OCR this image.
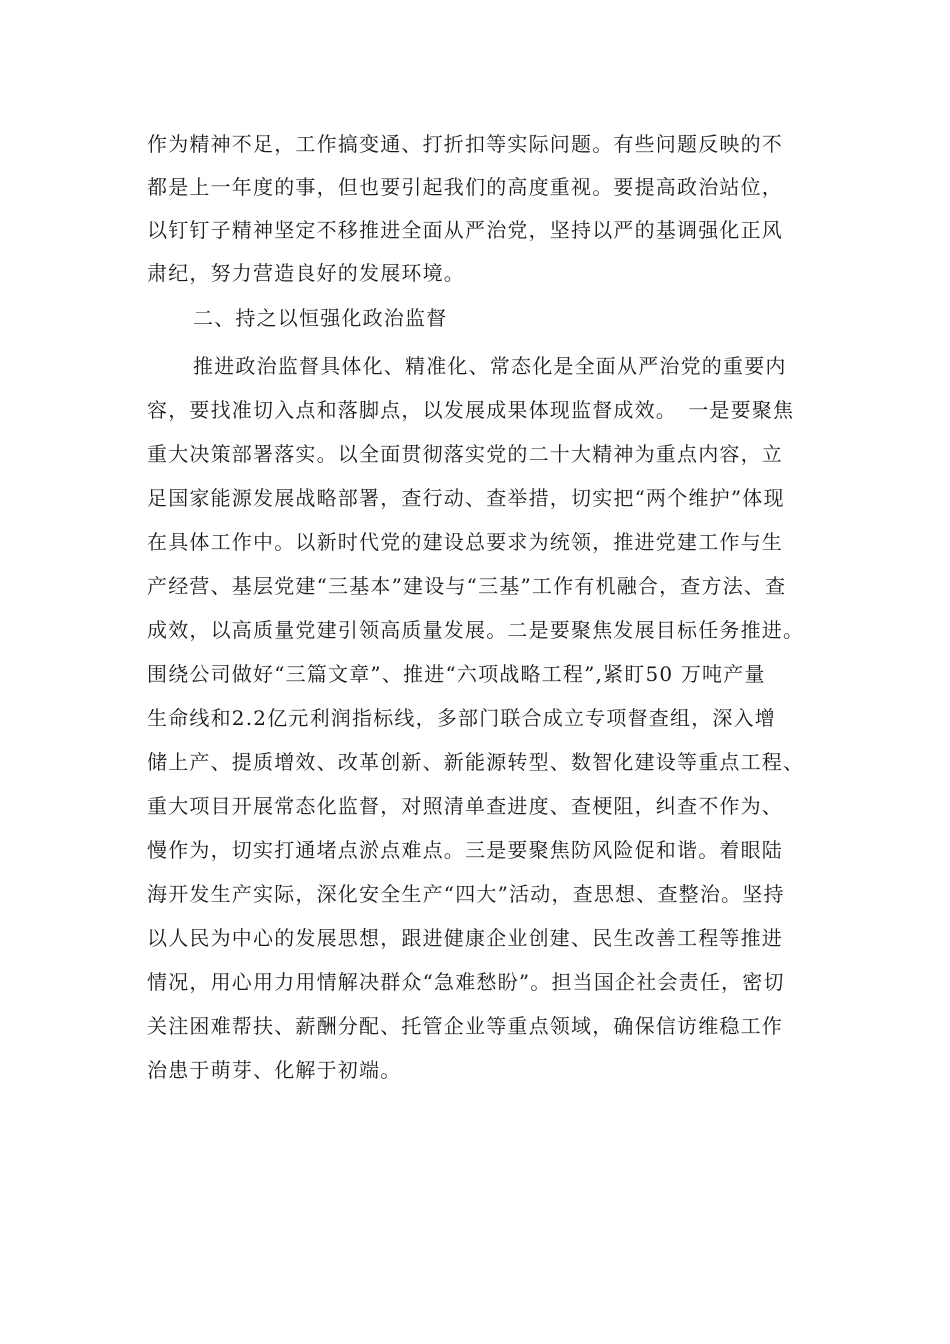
作为精神不足，工作搞变通、打折扣等实际问题。有些问题反映的不
都是上一年度的事，但也要引起我们的高度重视。要提高政治站位，
以钉钉子精神坚定不移推进全面从严治党，坚持以严的基调强化正风
肃纪，努力营造良好的发展环境。
二、持之以恒强化政治监督
推进政治监督具体化、精准化、常态化是全面从严治党的重要内
容，要找准切入点和落脚点，以发展成果体现监督成效。　一是要聚焦
重大决策部署落实。以全面贯彻落实党的二十大精神为重点内容，立
足国家能源发展战略部署，查行动、查举措，切实把“两个维护”体现
在具体工作中。以新时代党的建设总要求为统领，推进党建工作与生
产经营、基层党建“三基本”建设与“三基”工作有机融合，查方法、查
成效，以高质量党建引领高质量发展。二是要聚焦发展目标任务推进。
围绕公司做好“三篇文章”、推进“六项战略工程”,紧盯50 万吨产量
生命线和2.2亿元利润指标线，多部门联合成立专项督查组，深入增
储上产、提质增效、改革创新、新能源转型、数智化建设等重点工程、
重大项目开展常态化监督，对照清单查进度、查梗阻，纠查不作为、
慢作为，切实打通堵点淤点难点。三是要聚焦防风险促和谐。着眼陆
海开发生产实际，深化安全生产“四大”活动，查思想、查整治。坚持
以人民为中心的发展思想，跟进健康企业创建、民生改善工程等推进
情况，用心用力用情解决群众“急难愁盼”。担当国企社会责任，密切
关注困难帮扶、薪酬分配、托管企业等重点领域，确保信访维稳工作
治患于萌芽、化解于初端。
